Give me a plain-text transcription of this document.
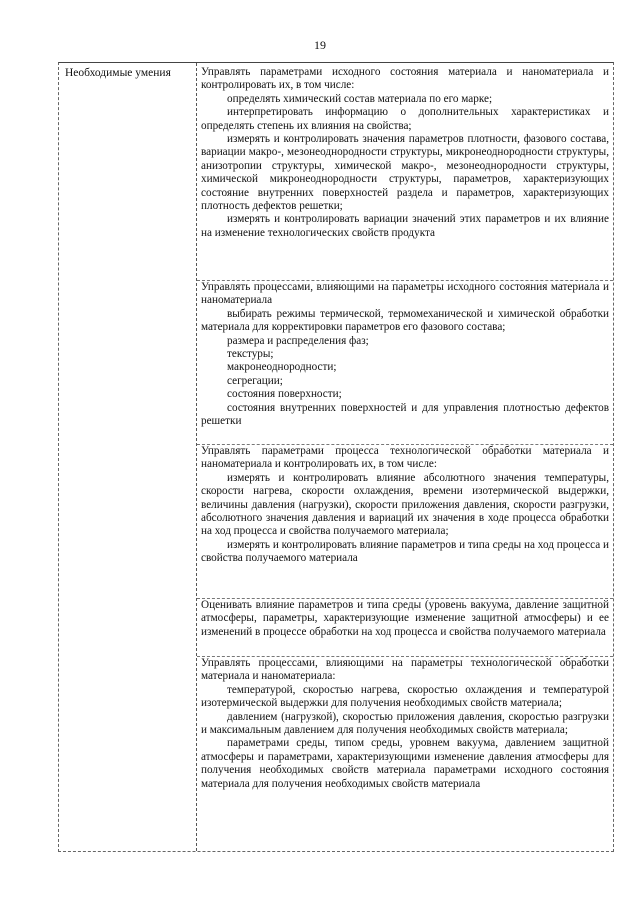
19
Необходимые умения	Управлять параметрами исходного состояния материала и наноматериала и контролировать их, в том числе:

определять химический состав материала по его марке;

интерпретировать информацию о дополнительных характеристиках и определять степень их влияния на свойства;

измерять и контролировать значения параметров плотности, фазового состава, вариации макро-, мезонеоднородности структуры, микронеоднородности структуры, анизотропии структуры, химической макро-, мезонеоднородности структуры, химической микронеоднородности структуры, параметров, характеризующих состояние внутренних поверхностей раздела и параметров, характеризующих плотность дефектов решетки;

измерять и контролировать вариации значений этих параметров и их влияние на изменение технологических свойств продукта

Управлять процессами, влияющими на параметры исходного состояния материала и наноматериала

выбирать режимы термической, термомеханической и химической обработки материала для корректировки параметров его фазового состава;

размера и распределения фаз;

текстуры;

макронеоднородности;

сегрегации;

состояния поверхности;

состояния внутренних поверхностей и для управления плотностью дефектов решетки

Управлять параметрами процесса технологической обработки материала и наноматериала и контролировать их, в том числе:

измерять и контролировать влияние абсолютного значения температуры, скорости нагрева, скорости охлаждения, времени изотермической выдержки, величины давления (нагрузки), скорости приложения давления, скорости разгрузки, абсолютного значения давления и вариаций их значения в ходе процесса обработки на ход процесса и свойства получаемого материала;

измерять и контролировать влияние параметров и типа среды на ход процесса и свойства получаемого материала

Оценивать влияние параметров и типа среды (уровень вакуума, давление защитной атмосферы, параметры, характеризующие изменение защитной атмосферы) и ее изменений в процессе обработки на ход процесса и свойства получаемого материала

Управлять процессами, влияющими на параметры технологической обработки материала и наноматериала:

температурой, скоростью нагрева, скоростью охлаждения и температурой изотермической выдержки для получения необходимых свойств материала;

давлением (нагрузкой), скоростью приложения давления, скоростью разгрузки и максимальным давлением для получения необходимых свойств материала;

параметрами среды, типом среды, уровнем вакуума, давлением защитной атмосферы и параметрами, характеризующими изменение давления атмосферы для получения необходимых свойств материала параметрами исходного состояния материала для получения необходимых свойств материала
